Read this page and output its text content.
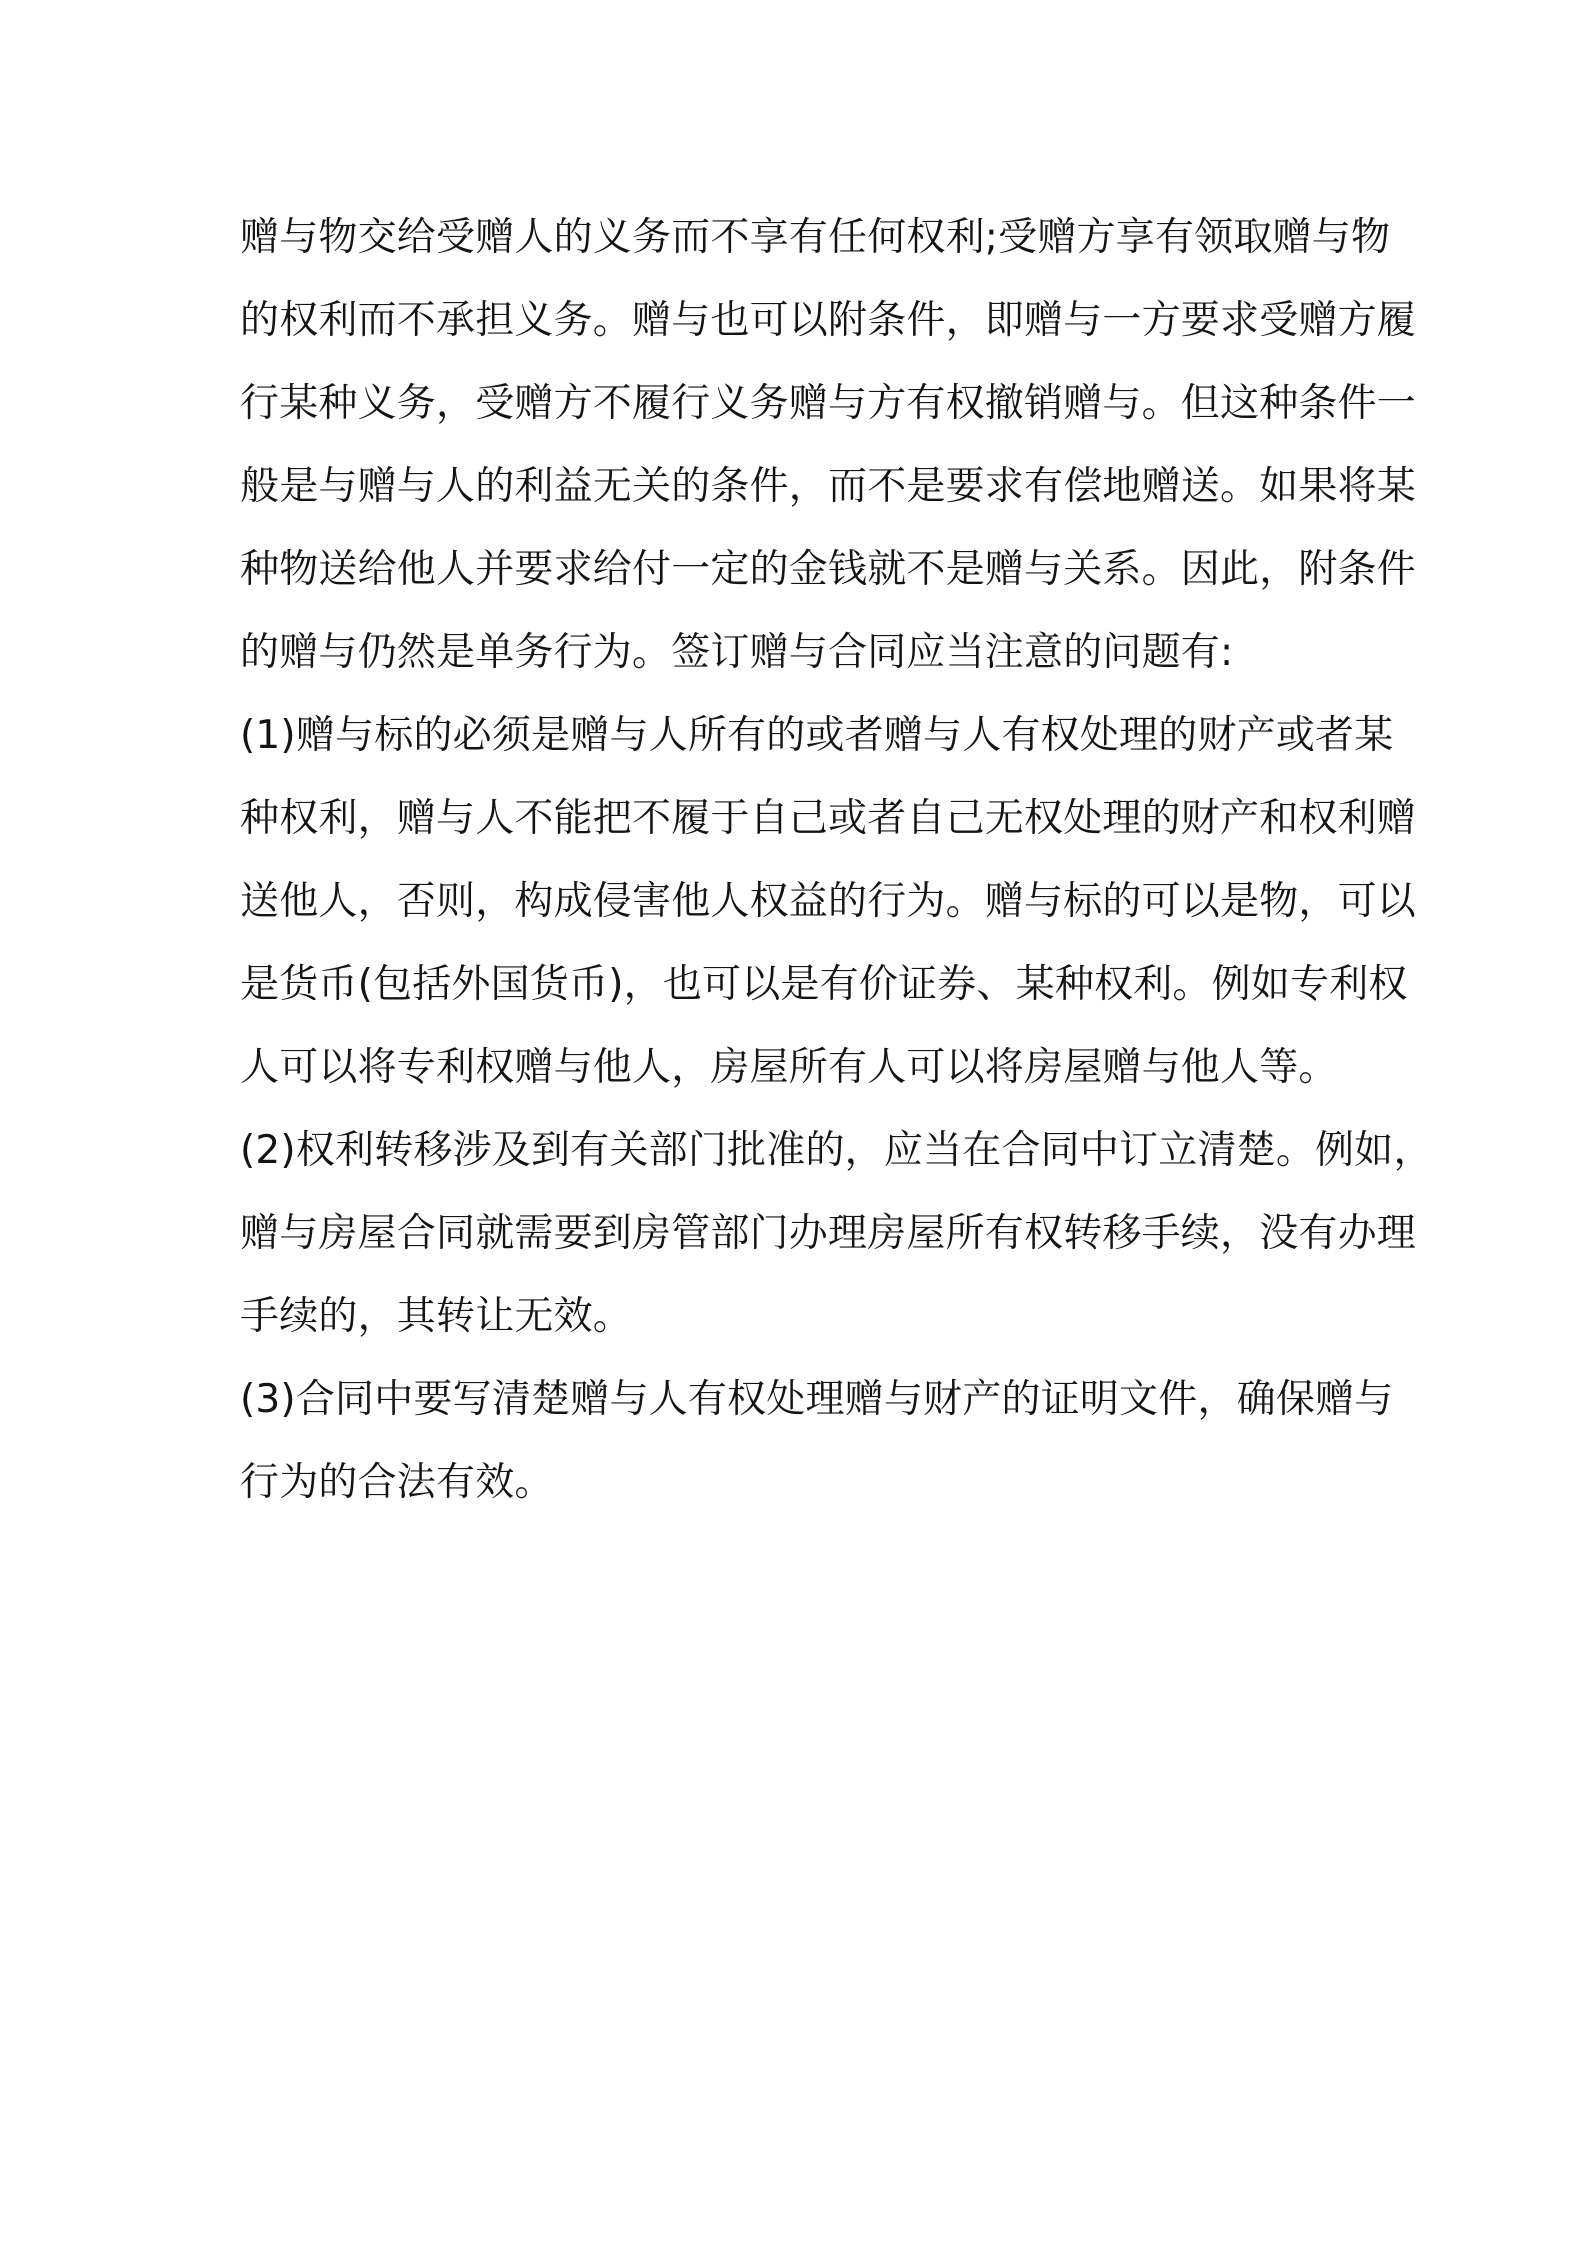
赠与物交给受赠人的义务而不享有任何权利;受赠方享有领取赠与物
的权利而不承担义务。赠与也可以附条件，即赠与一方要求受赠方履
行某种义务，受赠方不履行义务赠与方有权撤销赠与。但这种条件一
般是与赠与人的利益无关的条件，而不是要求有偿地赠送。如果将某
种物送给他人并要求给付一定的金钱就不是赠与关系。因此，附条件
的赠与仍然是单务行为。签订赠与合同应当注意的问题有:
(1)赠与标的必须是赠与人所有的或者赠与人有权处理的财产或者某
种权利，赠与人不能把不履于自己或者自己无权处理的财产和权利赠
送他人，否则，构成侵害他人权益的行为。赠与标的可以是物，可以
是货币(包括外国货币)，也可以是有价证券、某种权利。例如专利权
人可以将专利权赠与他人，房屋所有人可以将房屋赠与他人等。
(2)权利转移涉及到有关部门批准的，应当在合同中订立清楚。例如，
赠与房屋合同就需要到房管部门办理房屋所有权转移手续，没有办理
手续的，其转让无效。
(3)合同中要写清楚赠与人有权处理赠与财产的证明文件，确保赠与
行为的合法有效。
